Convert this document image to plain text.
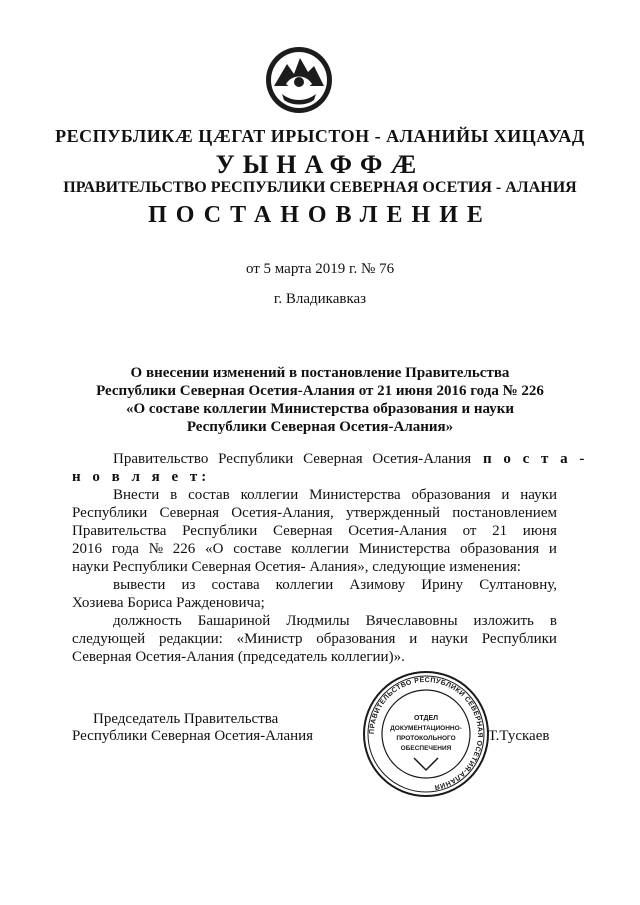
РЕСПУБЛИКӔ ЦӔГАТ ИРЫСТОН - АЛАНИЙЫ ХИЦАУАД
УЫНАФФӔ
ПРАВИТЕЛЬСТВО РЕСПУБЛИКИ СЕВЕРНАЯ ОСЕТИЯ - АЛАНИЯ
ПОСТАНОВЛЕНИЕ
от 5 марта 2019 г. № 76
г. Владикавказ
О внесении изменений в постановление Правительства
Республики Северная Осетия-Алания от 21 июня 2016 года № 226
«О составе коллегии Министерства образования и науки
Республики Северная Осетия-Алания»
Правительство Республики Северная Осетия-Алания п о с т а -
н о в л я е т:
Внести в состав коллегии Министерства образования и науки
Республики Северная Осетия-Алания, утвержденный постановлением
Правительства Республики Северная Осетия-Алания от 21 июня
2016 года № 226 «О составе коллегии Министерства образования и
науки Республики Северная Осетия- Алания», следующие изменения:
вывести из состава коллегии Азимову Ирину Султановну,
Хозиева Бориса Ражденовича;
должность Башариной Людмилы Вячеславовны изложить в
следующей редакции: «Министр образования и науки Республики
Северная Осетия-Алания (председатель коллегии)».
Председатель Правительства
Республики Северная Осетия-Алания	Т.Тускаев
ПРАВИТЕЛЬСТВО РЕСПУБЛИКИ СЕВЕРНАЯ ОСЕТИЯ-АЛАНИЯ
ОТДЕЛ
ДОКУМЕНТАЦИОННО-
ПРОТОКОЛЬНОГО
ОБЕСПЕЧЕНИЯ
